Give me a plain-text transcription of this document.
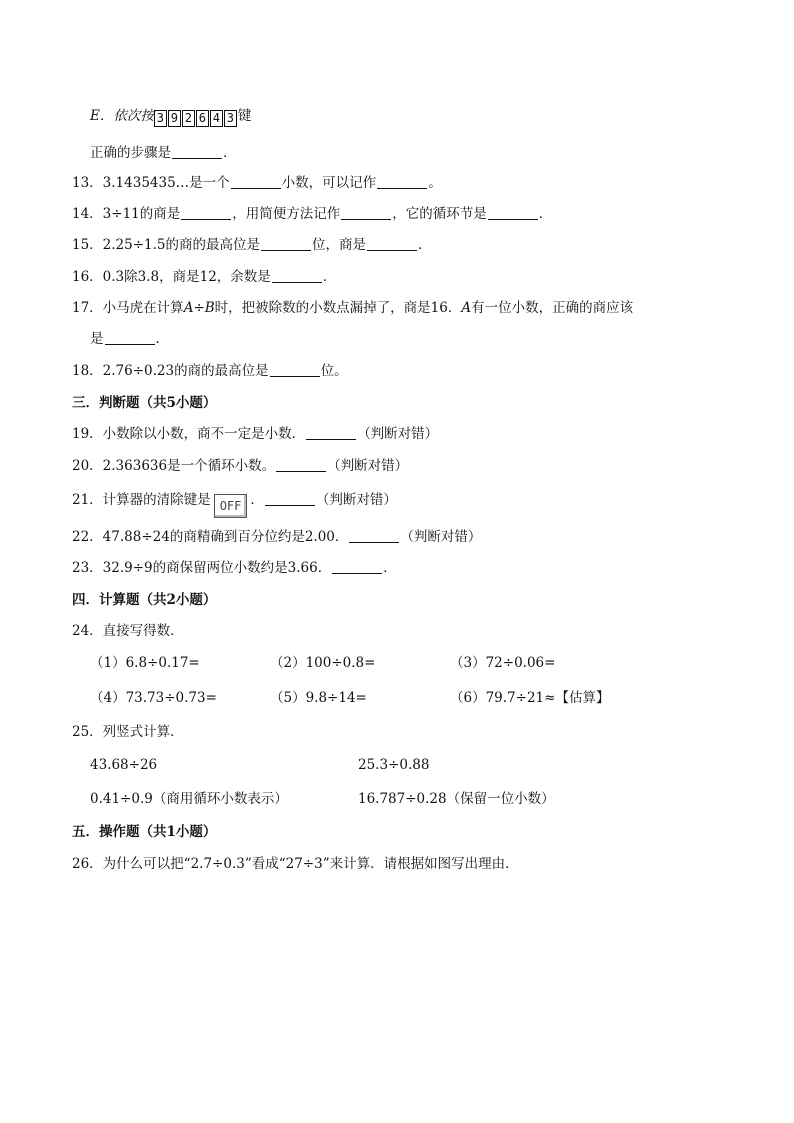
E．依次按 3 9 2 6 4 3 键
正确的步骤是	．
13．3.1435435…是一个	小数，可以记作	。
14．3÷11的商是	，用简便方法记作	，它的循环节是	．
15．2.25÷1.5的商的最高位是	位，商是	．
16．0.3除3.8，商是12，余数是	．
17．小马虎在计算A÷B时，把被除数的小数点漏掉了，商是16．A有一位小数，正确的商应该
是	．
18．2.76÷0.23的商的最高位是	位。
三．判断题（共5小题）
19．小数除以小数，商不一定是小数．	（判断对错）
20．2.363636是一个循环小数。	（判断对错）
21．计算器的清除键是 OFF ．	（判断对错）
22．47.88÷24的商精确到百分位约是2.00．	（判断对错）
23．32.9÷9的商保留两位小数约是3.66．	．
四．计算题（共2小题）
24．直接写得数．
（1）6.8÷0.17=	（2）100÷0.8=	（3）72÷0.06=
（4）73.73÷0.73=	（5）9.8÷14=	（6）79.7÷21≈【估算】
25．列竖式计算．
43.68÷26	25.3÷0.88
0.41÷0.9（商用循环小数表示）	16.787÷0.28（保留一位小数）
五．操作题（共1小题）
26．为什么可以把“2.7÷0.3”看成“27÷3”来计算．请根据如图写出理由．
